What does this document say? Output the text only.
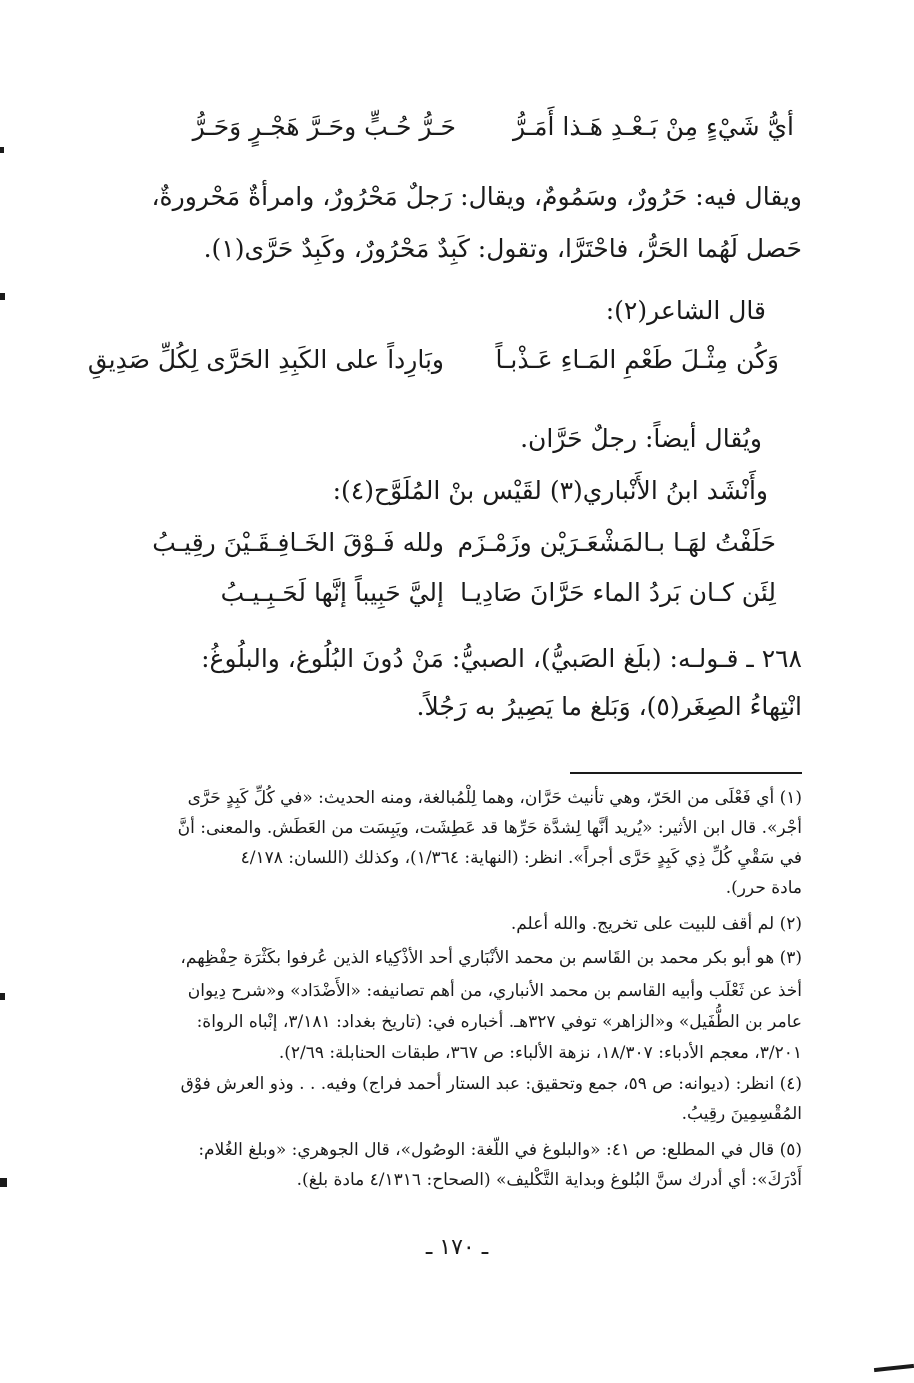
أيُّ شَيْءٍ مِنْ بَـعْـدِ هَـذا أَمَـرُّ
حَـرُّ حُـبٍّ وحَـرَّ هَجْـرٍ وَحَـرُّ
ويقال فيه: حَرُورٌ، وسَمُومٌ، ويقال: رَجلٌ مَحْرُورٌ، وامرأةٌ مَحْرورةٌ،
حَصل لَهُما الحَرُّ، فاحْتَرَّا، وتقول: كَبِدٌ مَحْرُورٌ، وكَبِدٌ حَرَّى(١).
قال الشاعر(٢):
وَكُن مِثْـلَ طَعْمِ المَـاءِ عَـذْبـاً
وبَارِداً على الكَبِدِ الحَرَّى لِكُلِّ صَدِيقِ
ويُقال أيضاً: رجلٌ حَرَّان.
وأَنْشَد ابنُ الأَنْباري(٣) لقَيْس بنْ المُلَوَّح(٤):
حَلَفْتُ لهَـا بـالمَشْعَـرَيْن وزَمْـزَم
ولله فَـوْقَ الخَـافِـقَـيْنَ رقِيـبُ
لِئَن كـان بَردُ الماء حَرَّانَ صَادِيـا
إليَّ حَبِيباً إنَّها لَحَـبِـيـبُ
٢٦٨ ـ قـولـه: (بلَغ الصَبيُّ)، الصبيُّ: مَنْ دُونَ البُلُوغ، والبلُوغُ:
انْتِهاءُ الصِغَر(٥)، وَبَلغ ما يَصِيرُ به رَجُلاً.
(١) أي فَعْلَى من الحَرّ، وهي تأنيث حَرَّان، وهما لِلْمُبالغة، ومنه الحديث: «في كُلِّ كَبِدٍ حَرَّى
أجْر». قال ابن الأثير: «يُريد أنَّها لِشدَّة حَرِّها قد عَطِشَت، ويَبِسَت من العَطَش. والمعنى: أنَّ
في سَقْيِ كُلِّ ذِي كَبِدٍ حَرَّى أجراً». انظر: (النهاية: ١/٣٦٤)، وكذلك (اللسان: ٤/١٧٨
مادة حرر).
(٢) لم أقف للبيت على تخريج. والله أعلم.
(٣) هو أبو بكر محمد بن القَاسم بن محمد الأنْبَاري أحد الأذْكِياء الذين عُرفوا بكَثْرَة حِفْظِهم،
أخذ عن ثَعْلَب وأبيه القاسم بن محمد الأنباري، من أهم تصانيفه: «الأَضْدَاد» و«شرح دِيوان
عامر بن الطُّفَيل» و«الزاهر» توفي ٣٢٧هـ. أخباره في: (تاريخ بغداد: ٣/١٨١، إنْباه الرواة:
٣/٢٠١، معجم الأدباء: ١٨/٣٠٧، نزهة الألباء: ص ٣٦٧، طبقات الحنابلة: ٢/٦٩).
(٤) انظر: (ديوانه: ص ٥٩، جمع وتحقيق: عبد الستار أحمد فراج) وفيه. . . وذو العرش فوْق
المُقْسِمِينَ رقِيبُ.
(٥) قال في المطلع: ص ٤١: «والبلوغ في اللّغة: الوصُول»، قال الجوهري: «وبلغ الغُلام:
أَدْرَكَ»: أي أدرك سنَّ البُلوغ وبداية التَّكْليف» (الصحاح: ٤/١٣١٦ مادة بلغ).
ـ ١٧٠ ـ
